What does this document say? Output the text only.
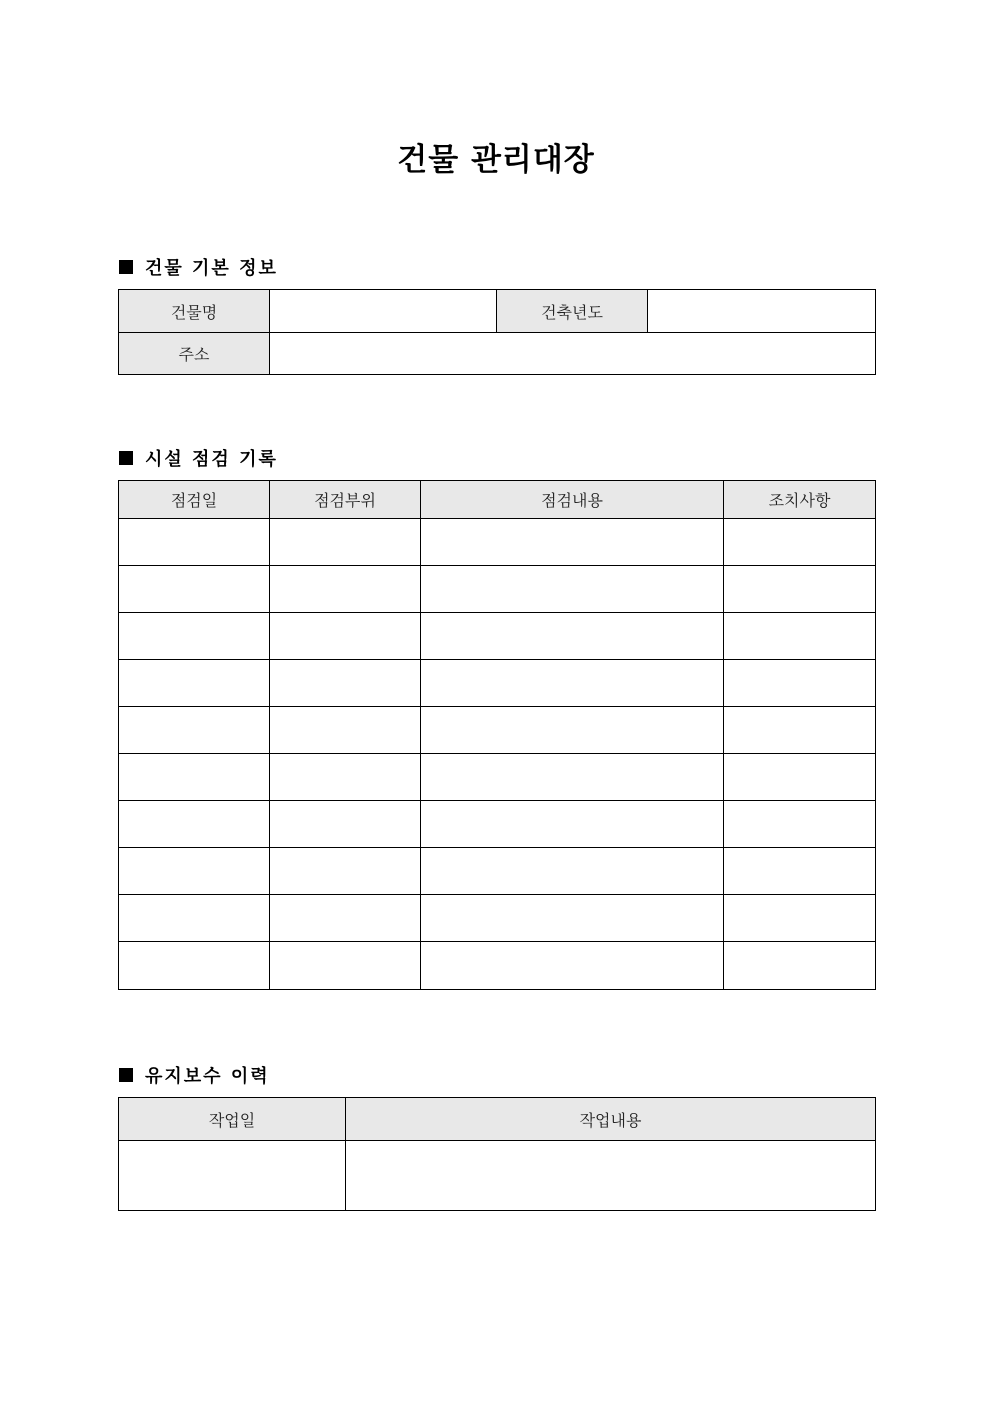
건물 관리대장
건물 기본 정보
건물명		건축년도	
주소			
시설 점검 기록
점검일	점검부위	점검내용	조치사항

유지보수 이력
작업일	작업내용
